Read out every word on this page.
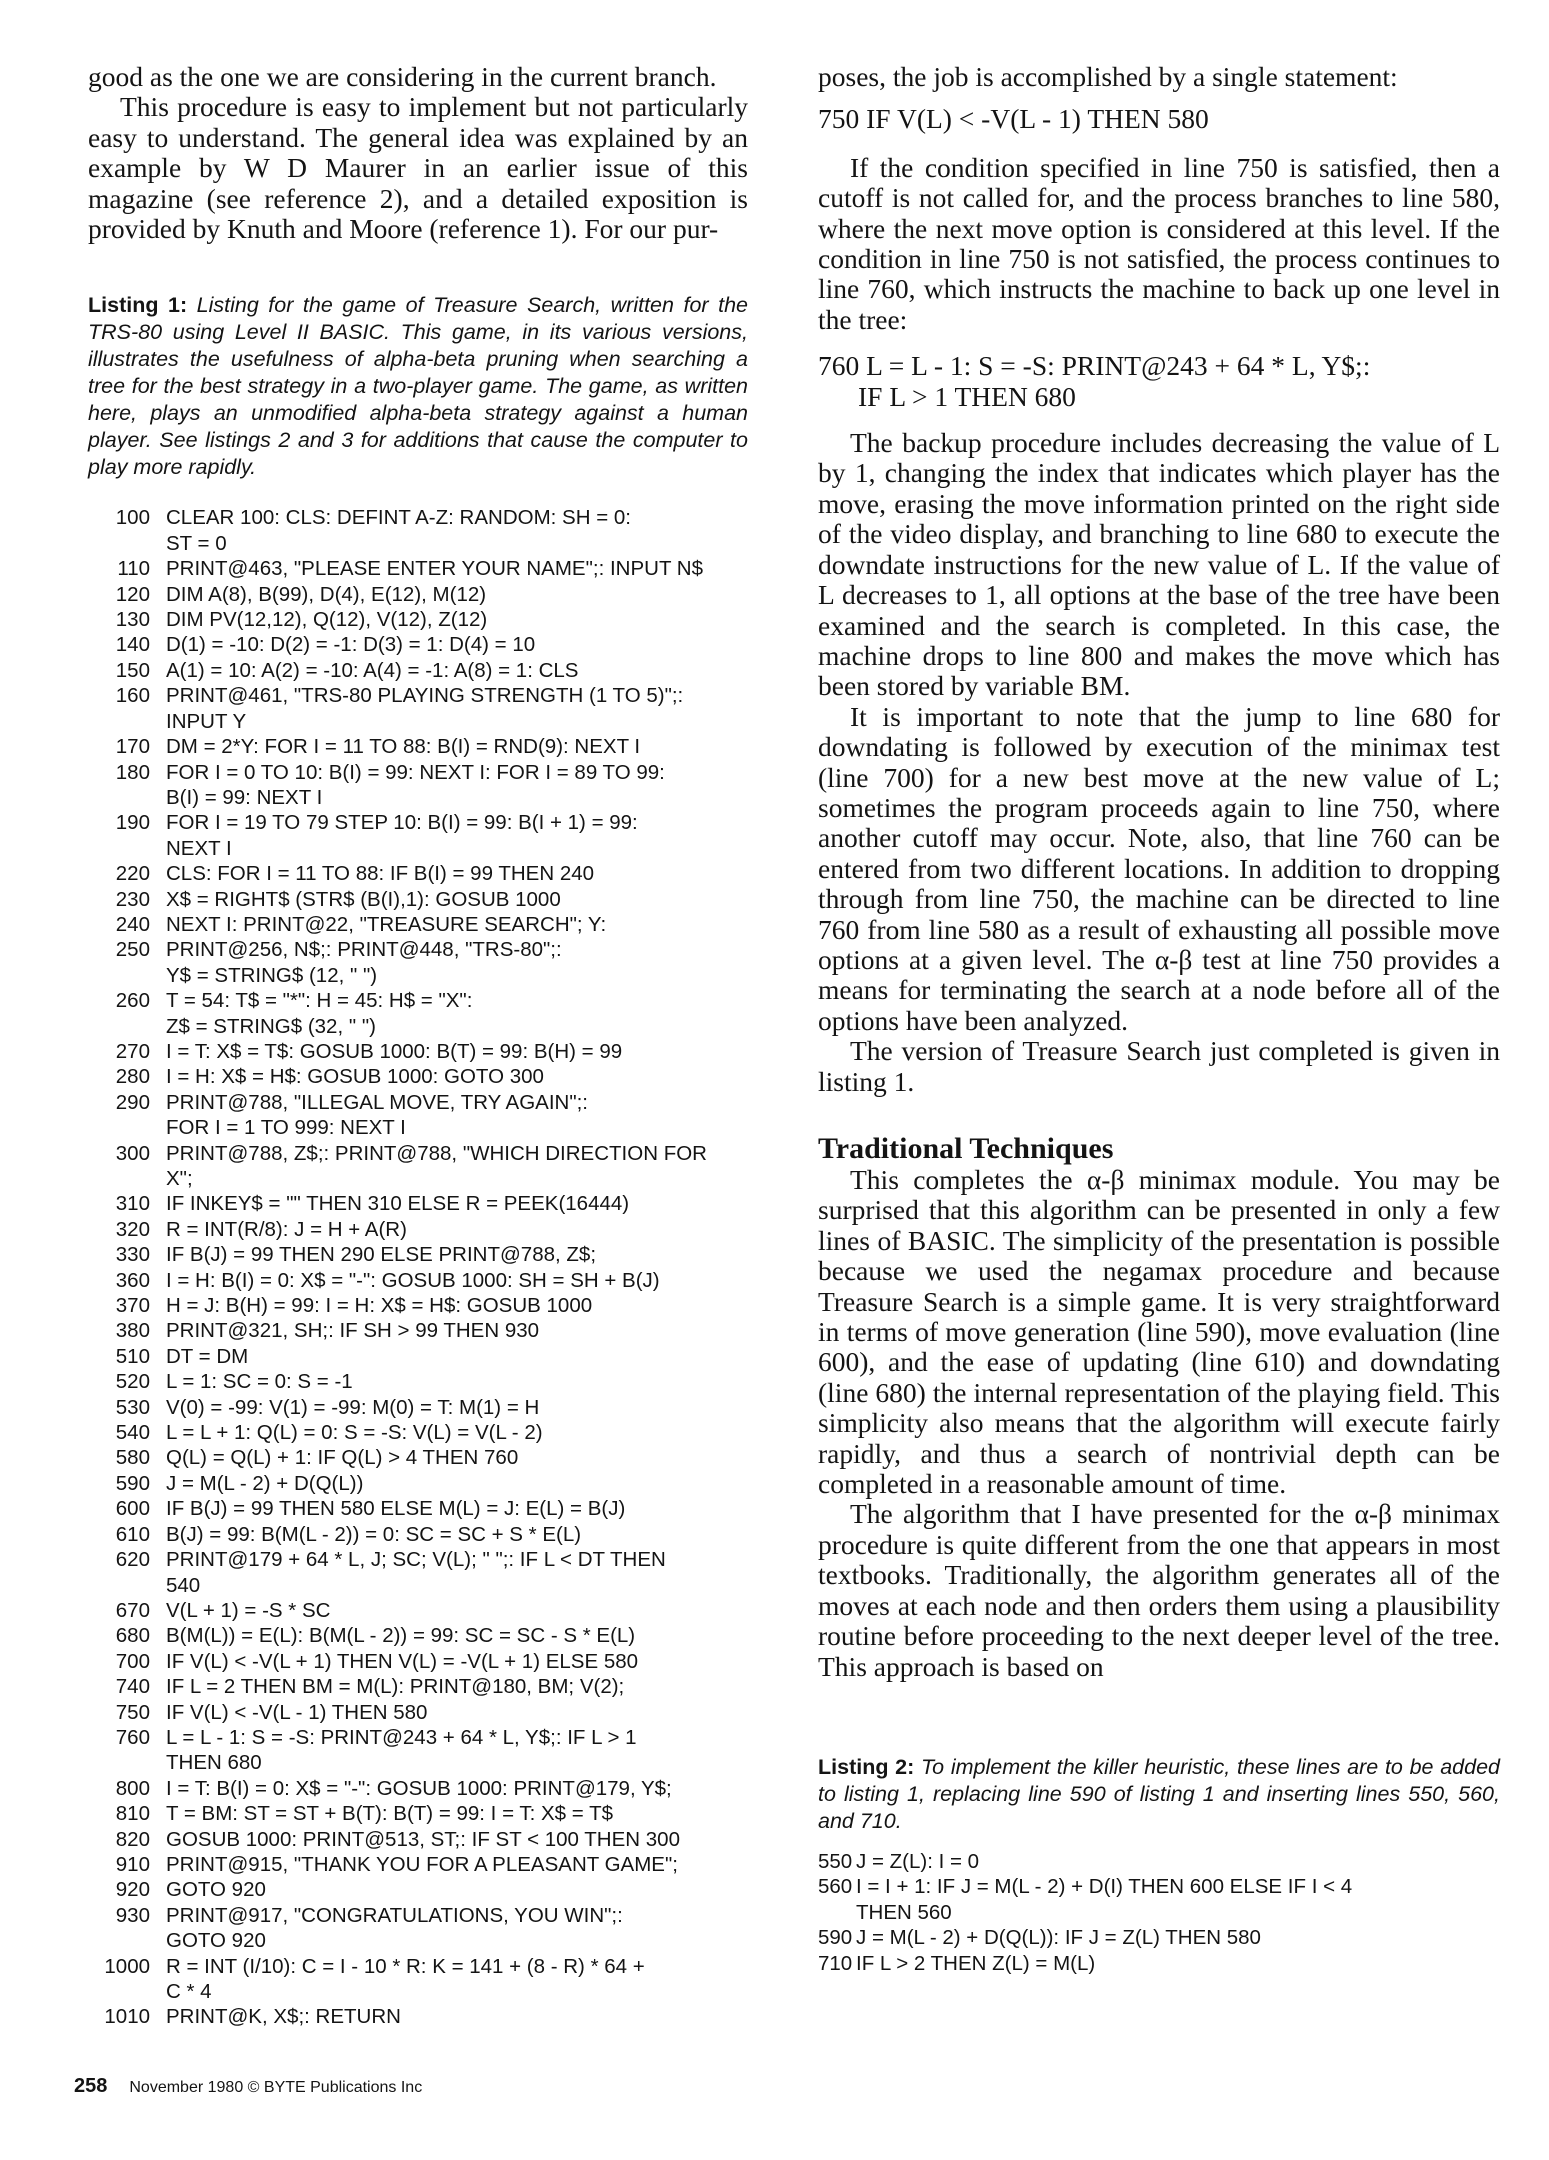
good as the one we are considering in the current branch.

This procedure is easy to implement but not particularly easy to understand. The general idea was explained by an example by W D Maurer in an earlier issue of this magazine (see reference 2), and a detailed exposition is provided by Knuth and Moore (reference 1). For our pur-

Listing 1: Listing for the game of Treasure Search, written for the TRS-80 using Level II BASIC. This game, in its various versions, illustrates the usefulness of alpha-beta pruning when searching a tree for the best strategy in a two-player game. The game, as written here, plays an unmodified alpha-beta strategy against a human player. See listings 2 and 3 for additions that cause the computer to play more rapidly.
100 CLEAR 100: CLS: DEFINT A-Z: RANDOM: SH = 0:
ST = 0
110 PRINT@463, "PLEASE ENTER YOUR NAME";: INPUT N$
120 DIM A(8), B(99), D(4), E(12), M(12)
130 DIM PV(12,12), Q(12), V(12), Z(12)
140 D(1) = -10: D(2) = -1: D(3) = 1: D(4) = 10
150 A(1) = 10: A(2) = -10: A(4) = -1: A(8) = 1: CLS
160 PRINT@461, "TRS-80 PLAYING STRENGTH (1 TO 5)";:
INPUT Y
170 DM = 2*Y: FOR I = 11 TO 88: B(I) = RND(9): NEXT I
180 FOR I = 0 TO 10: B(I) = 99: NEXT I: FOR I = 89 TO 99:
B(I) = 99: NEXT I
190 FOR I = 19 TO 79 STEP 10: B(I) = 99: B(I + 1) = 99:
NEXT I
220 CLS: FOR I = 11 TO 88: IF B(I) = 99 THEN 240
230 X$ = RIGHT$ (STR$ (B(I),1): GOSUB 1000
240 NEXT I: PRINT@22, "TREASURE SEARCH"; Y:
250 PRINT@256, N$;: PRINT@448, "TRS-80";:
Y$ = STRING$ (12, " ")
260 T = 54: T$ = "*": H = 45: H$ = "X":
Z$ = STRING$ (32, " ")
270 I = T: X$ = T$: GOSUB 1000: B(T) = 99: B(H) = 99
280 I = H: X$ = H$: GOSUB 1000: GOTO 300
290 PRINT@788, "ILLEGAL MOVE, TRY AGAIN";:
FOR I = 1 TO 999: NEXT I
300 PRINT@788, Z$;: PRINT@788, "WHICH DIRECTION FOR
X";
310 IF INKEY$ = "" THEN 310 ELSE R = PEEK(16444)
320 R = INT(R/8): J = H + A(R)
330 IF B(J) = 99 THEN 290 ELSE PRINT@788, Z$;
360 I = H: B(I) = 0: X$ = "-": GOSUB 1000: SH = SH + B(J)
370 H = J: B(H) = 99: I = H: X$ = H$: GOSUB 1000
380 PRINT@321, SH;: IF SH > 99 THEN 930
510 DT = DM
520 L = 1: SC = 0: S = -1
530 V(0) = -99: V(1) = -99: M(0) = T: M(1) = H
540 L = L + 1: Q(L) = 0: S = -S: V(L) = V(L - 2)
580 Q(L) = Q(L) + 1: IF Q(L) > 4 THEN 760
590 J = M(L - 2) + D(Q(L))
600 IF B(J) = 99 THEN 580 ELSE M(L) = J: E(L) = B(J)
610 B(J) = 99: B(M(L - 2)) = 0: SC = SC + S * E(L)
620 PRINT@179 + 64 * L, J; SC; V(L); " ";: IF L < DT THEN
540
670 V(L + 1) = -S * SC
680 B(M(L)) = E(L): B(M(L - 2)) = 99: SC = SC - S * E(L)
700 IF V(L) < -V(L + 1) THEN V(L) = -V(L + 1) ELSE 580
740 IF L = 2 THEN BM = M(L): PRINT@180, BM; V(2);
750 IF V(L) < -V(L - 1) THEN 580
760 L = L - 1: S = -S: PRINT@243 + 64 * L, Y$;: IF L > 1
THEN 680
800 I = T: B(I) = 0: X$ = "-": GOSUB 1000: PRINT@179, Y$;
810 T = BM: ST = ST + B(T): B(T) = 99: I = T: X$ = T$
820 GOSUB 1000: PRINT@513, ST;: IF ST < 100 THEN 300
910 PRINT@915, "THANK YOU FOR A PLEASANT GAME";
920 GOTO 920
930 PRINT@917, "CONGRATULATIONS, YOU WIN";:
GOTO 920
1000 R = INT (I/10): C = I - 10 * R: K = 141 + (8 - R) * 64 +
C * 4
1010 PRINT@K, X$;: RETURN

poses, the job is accomplished by a single statement:

750 IF V(L) < -V(L - 1) THEN 580

If the condition specified in line 750 is satisfied, then a cutoff is not called for, and the process branches to line 580, where the next move option is considered at this level. If the condition in line 750 is not satisfied, the process continues to line 760, which instructs the machine to back up one level in the tree:

760 L = L - 1: S = -S: PRINT@243 + 64 * L, Y$;:
IF L > 1 THEN 680

The backup procedure includes decreasing the value of L by 1, changing the index that indicates which player has the move, erasing the move information printed on the right side of the video display, and branching to line 680 to execute the downdate instructions for the new value of L. If the value of L decreases to 1, all options at the base of the tree have been examined and the search is completed. In this case, the machine drops to line 800 and makes the move which has been stored by variable BM.

It is important to note that the jump to line 680 for downdating is followed by execution of the minimax test (line 700) for a new best move at the new value of L; sometimes the program proceeds again to line 750, where another cutoff may occur. Note, also, that line 760 can be entered from two different locations. In addition to dropping through from line 750, the machine can be directed to line 760 from line 580 as a result of exhausting all possible move options at a given level. The α-β test at line 750 provides a means for terminating the search at a node before all of the options have been analyzed.

The version of Treasure Search just completed is given in listing 1.

Traditional Techniques

This completes the α-β minimax module. You may be surprised that this algorithm can be presented in only a few lines of BASIC. The simplicity of the presentation is possible because we used the negamax procedure and because Treasure Search is a simple game. It is very straightforward in terms of move generation (line 590), move evaluation (line 600), and the ease of updating (line 610) and downdating (line 680) the internal representation of the playing field. This simplicity also means that the algorithm will execute fairly rapidly, and thus a search of nontrivial depth can be completed in a reasonable amount of time.

The algorithm that I have presented for the α-β minimax procedure is quite different from the one that appears in most textbooks. Traditionally, the algorithm generates all of the moves at each node and then orders them using a plausibility routine before proceeding to the next deeper level of the tree. This approach is based on

Listing 2: To implement the killer heuristic, these lines are to be added to listing 1, replacing line 590 of listing 1 and inserting lines 550, 560, and 710.
550 J = Z(L): I = 0
560 I = I + 1: IF J = M(L - 2) + D(I) THEN 600 ELSE IF I < 4
THEN 560
590 J = M(L - 2) + D(Q(L)): IF J = Z(L) THEN 580
710 IF L > 2 THEN Z(L) = M(L)
258 November 1980 © BYTE Publications Inc
